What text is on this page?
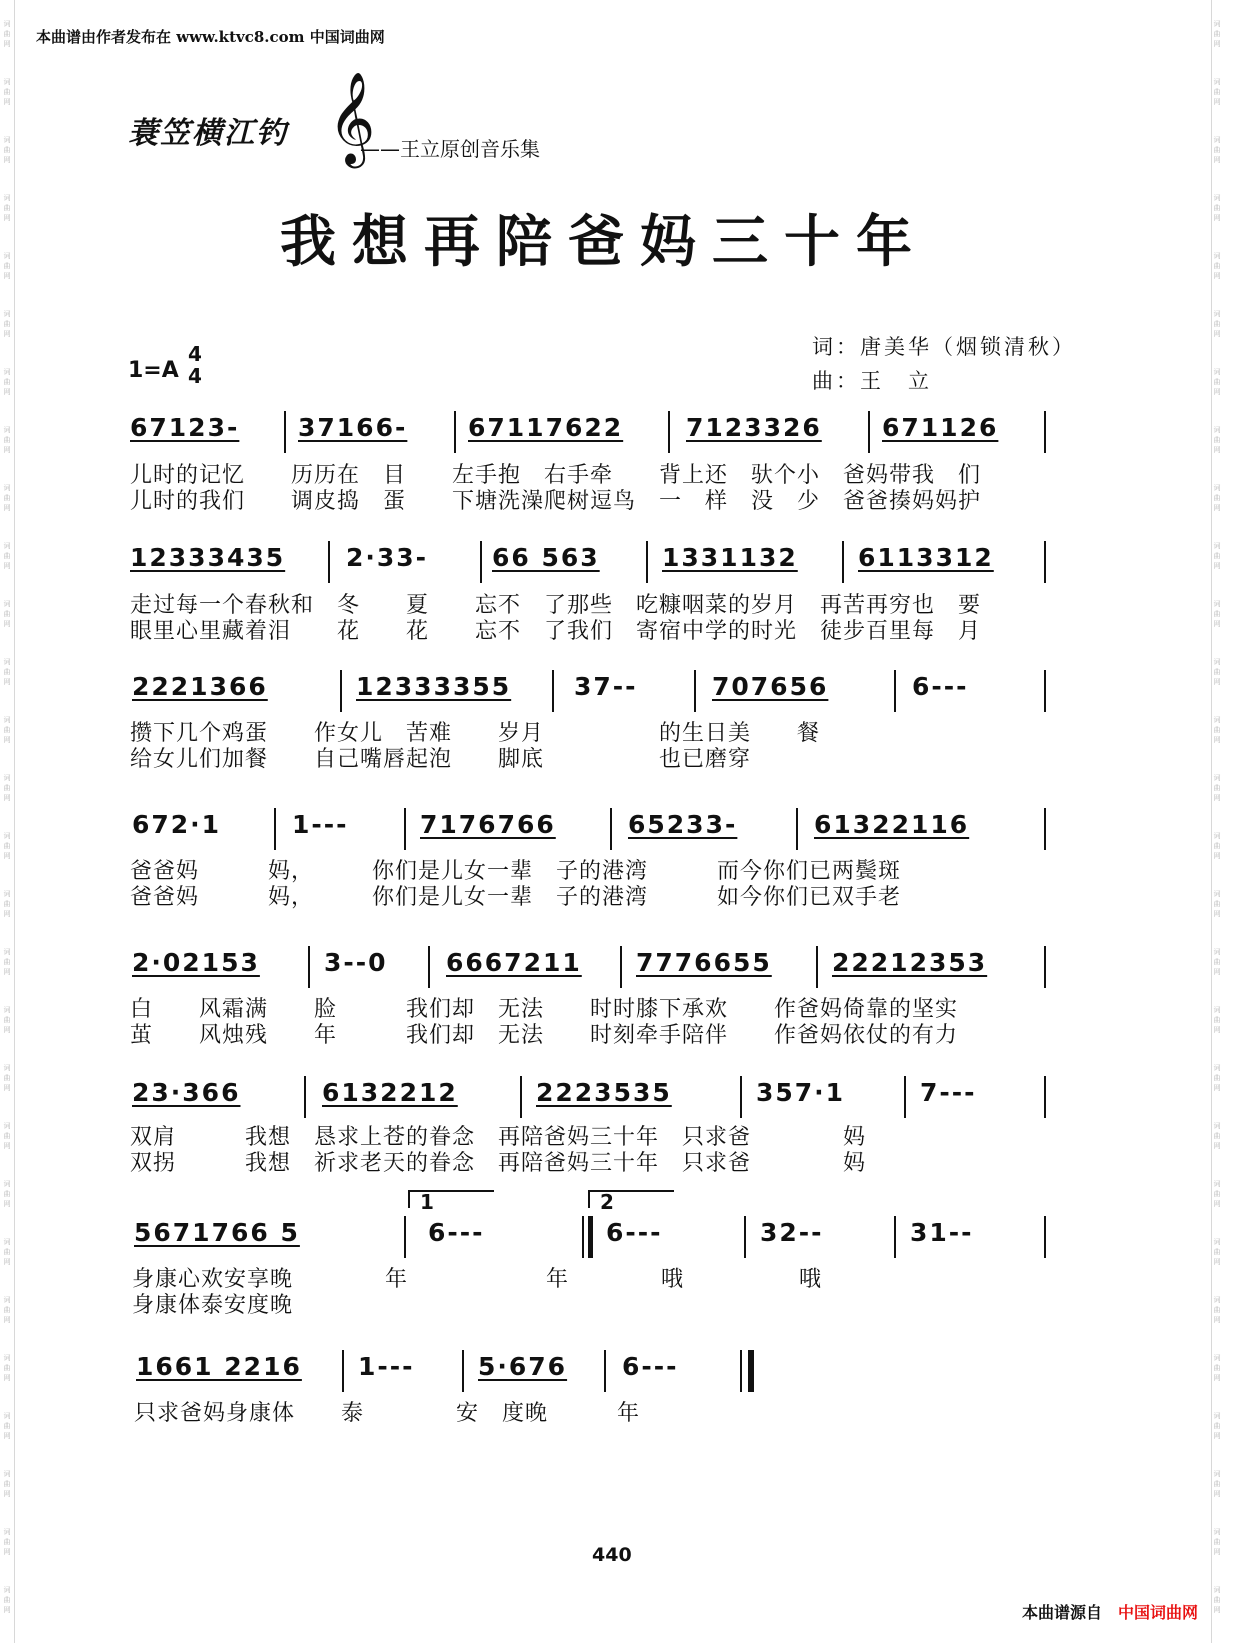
本曲谱由作者发布在 www.ktvc8.com 中国词曲网
蓑笠横江钓 𝄞
——王立原创音乐集
我想再陪爸妈三十年
词：唐美华（烟锁清秋）
曲：王　立
1=A
4
4
67123- 37166- 67117622	7123326 671126
儿时的记忆　　历历在　目　　左手抱　右手牵　　背上还　驮个小　爸妈带我　们
儿时的我们　　调皮捣　蛋　　下塘洗澡爬树逗鸟　一　样　没　少　爸爸揍妈妈护
12333435 2·33-	66 563 1331132 6113312
走过每一个春秋和　冬　　夏　　忘不　了那些　吃糠咽菜的岁月　再苦再穷也　要
眼里心里藏着泪　　花　　花　　忘不　了我们　寄宿中学的时光　徒步百里每　月
2221366	12333355	37--	707656	6---
攒下几个鸡蛋　　作女儿　苦难　　岁月　　　　　的生日美　　餐
给女儿们加餐　　自己嘴唇起泡　　脚底　　　　　也已磨穿
672·1	1---	7176766	65233-	61322116
爸爸妈　　　妈，　　　你们是儿女一辈　子的港湾　　　而今你们已两鬓斑
爸爸妈　　　妈，　　　你们是儿女一辈　子的港湾　　　如今你们已双手老
2·02153	3--0 6667211 7776655 22212353
白　　风霜满　　脸　　　我们却　无法　　时时膝下承欢　　作爸妈倚靠的坚实
茧　　风烛残　　年　　　我们却　无法　　时刻牵手陪伴　　作爸妈依仗的有力
23·366	6132212	2223535	357·1	7---
双肩　　　我想　恳求上苍的眷念　再陪爸妈三十年　只求爸　　　　妈
双拐　　　我想　祈求老天的眷念　再陪爸妈三十年　只求爸　　　　妈
1	2
5671766 5	6---	6---	32--	31--
身康心欢安享晚　　　　年　　　　　　年　　　　哦　　　　　哦
身康体泰安度晚
1661 2216 1---	5·676 6---
只求爸妈身康体　　泰　　　　安　度晚　　　年
440
本曲谱源自 中国词曲网
词
曲
网
词
曲
网
词
曲
网
词
曲
网
词
曲
网
词
曲
网
词
曲
网
词
曲
网
词
曲
网
词
曲
网
词
曲
网
词
曲
网
词
曲
网
词
曲
网
词
曲
网
词
曲
网
词
曲
网
词
曲
网
词
曲
网
词
曲
网
词
曲
网
词
曲
网
词
曲
网
词
曲
网
词
曲
网
词
曲
网
词
曲
网
词
曲
网
词
曲
网
词
曲
网
词
曲
网
词
曲
网
词
曲
网
词
曲
网
词
曲
网
词
曲
网
词
曲
网
词
曲
网
词
曲
网
词
曲
网
词
曲
网
词
曲
网
词
曲
网
词
曲
网
词
曲
网
词
曲
网
词
曲
网
词
曲
网
词
曲
网
词
曲
网
词
曲
网
词
曲
网
词
曲
网
词
曲
网
词
曲
网
词
曲
网
